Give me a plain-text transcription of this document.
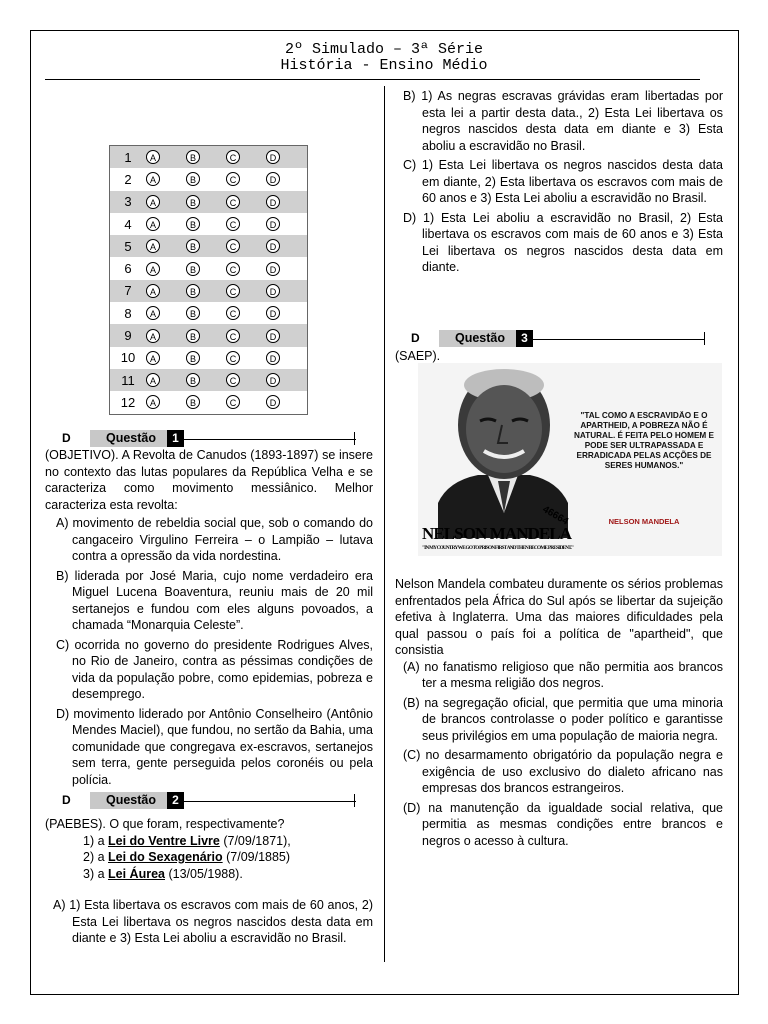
2º Simulado – 3ª Série
História - Ensino Médio
1	A	B	C	D
2	A	B	C	D
3	A	B	C	D
4	A	B	C	D
5	A	B	C	D
6	A	B	C	D
7	A	B	C	D
8	A	B	C	D
9	A	B	C	D
10	A	B	C	D
11	A	B	C	D
12	A	B	C	D
D	Questão	1
(OBJETIVO). A Revolta de Canudos (1893-1897) se insere no contexto das lutas populares da República Velha e se caracteriza como movimento messiânico. Melhor caracteriza esta revolta:
A) movimento de rebeldia social que, sob o comando do cangaceiro Virgulino Ferreira – o Lampião – lutava contra a opressão da vida nordestina.
B) liderada por José Maria, cujo nome verdadeiro era Miguel Lucena Boaventura, reuniu mais de 20 mil sertanejos e fundou com eles alguns povoados, a chamada “Monarquia Celeste”.
C) ocorrida no governo do presidente Rodrigues Alves, no Rio de Janeiro, contra as péssimas condições de vida da população pobre, como epidemias, pobreza e desemprego.
D) movimento liderado por Antônio Conselheiro (Antônio Mendes Maciel), que fundou, no sertão da Bahia, uma comunidade que congregava ex-escravos, sertanejos sem terra, gente perseguida pelos coronéis ou pela polícia.
D	Questão	2
(PAEBES). O que foram, respectivamente?
1) a Lei do Ventre Livre (7/09/1871),
2) a Lei do Sexagenário (7/09/1885)
3) a Lei Áurea (13/05/1988).
A) 1) Esta libertava os escravos com mais de 60 anos, 2) Esta Lei libertava os negros nascidos desta data em diante e 3) Esta Lei aboliu a escravidão no Brasil.
B) 1) As negras escravas grávidas eram libertadas por esta lei a partir desta data., 2) Esta Lei libertava os negros nascidos desta data em diante e 3) Esta aboliu a escravidão no Brasil.
C) 1) Esta Lei libertava os negros nascidos desta data em diante, 2) Esta libertava os escravos com mais de 60 anos e 3) Esta Lei aboliu a escravidão no Brasil.
D) 1) Esta Lei aboliu a escravidão no Brasil, 2) Esta libertava os escravos com mais de 60 anos e 3) Esta Lei libertava os negros nascidos desta data em diante.
D	Questão	3
(SAEP).
46664
NELSON MANDELA
"IN MY COUNTRY WE GO TO PRISON FIRST AND THEN BECOME PRESIDENT."
"TAL COMO A ESCRAVIDÃO E O APARTHEID, A POBREZA NÃO É NATURAL. É FEITA PELO HOMEM E PODE SER ULTRAPASSADA E ERRADICADA PELAS ACÇÕES DE SERES HUMANOS."
NELSON MANDELA
Nelson Mandela combateu duramente os sérios problemas enfrentados pela África do Sul após se libertar da sujeição efetiva à Inglaterra. Uma das maiores dificuldades pela qual passou o país foi a política de "apartheid", que consistia
(A) no fanatismo religioso que não permitia aos brancos ter a mesma religião dos negros.
(B) na segregação oficial, que permitia que uma minoria de brancos controlasse o poder político e garantisse seus privilégios em uma população de maioria negra.
(C) no desarmamento obrigatório da população negra e exigência de uso exclusivo do dialeto africano nas empresas dos brancos estrangeiros.
(D) na manutenção da igualdade social relativa, que permitia as mesmas condições entre brancos e negros o acesso à cultura.
